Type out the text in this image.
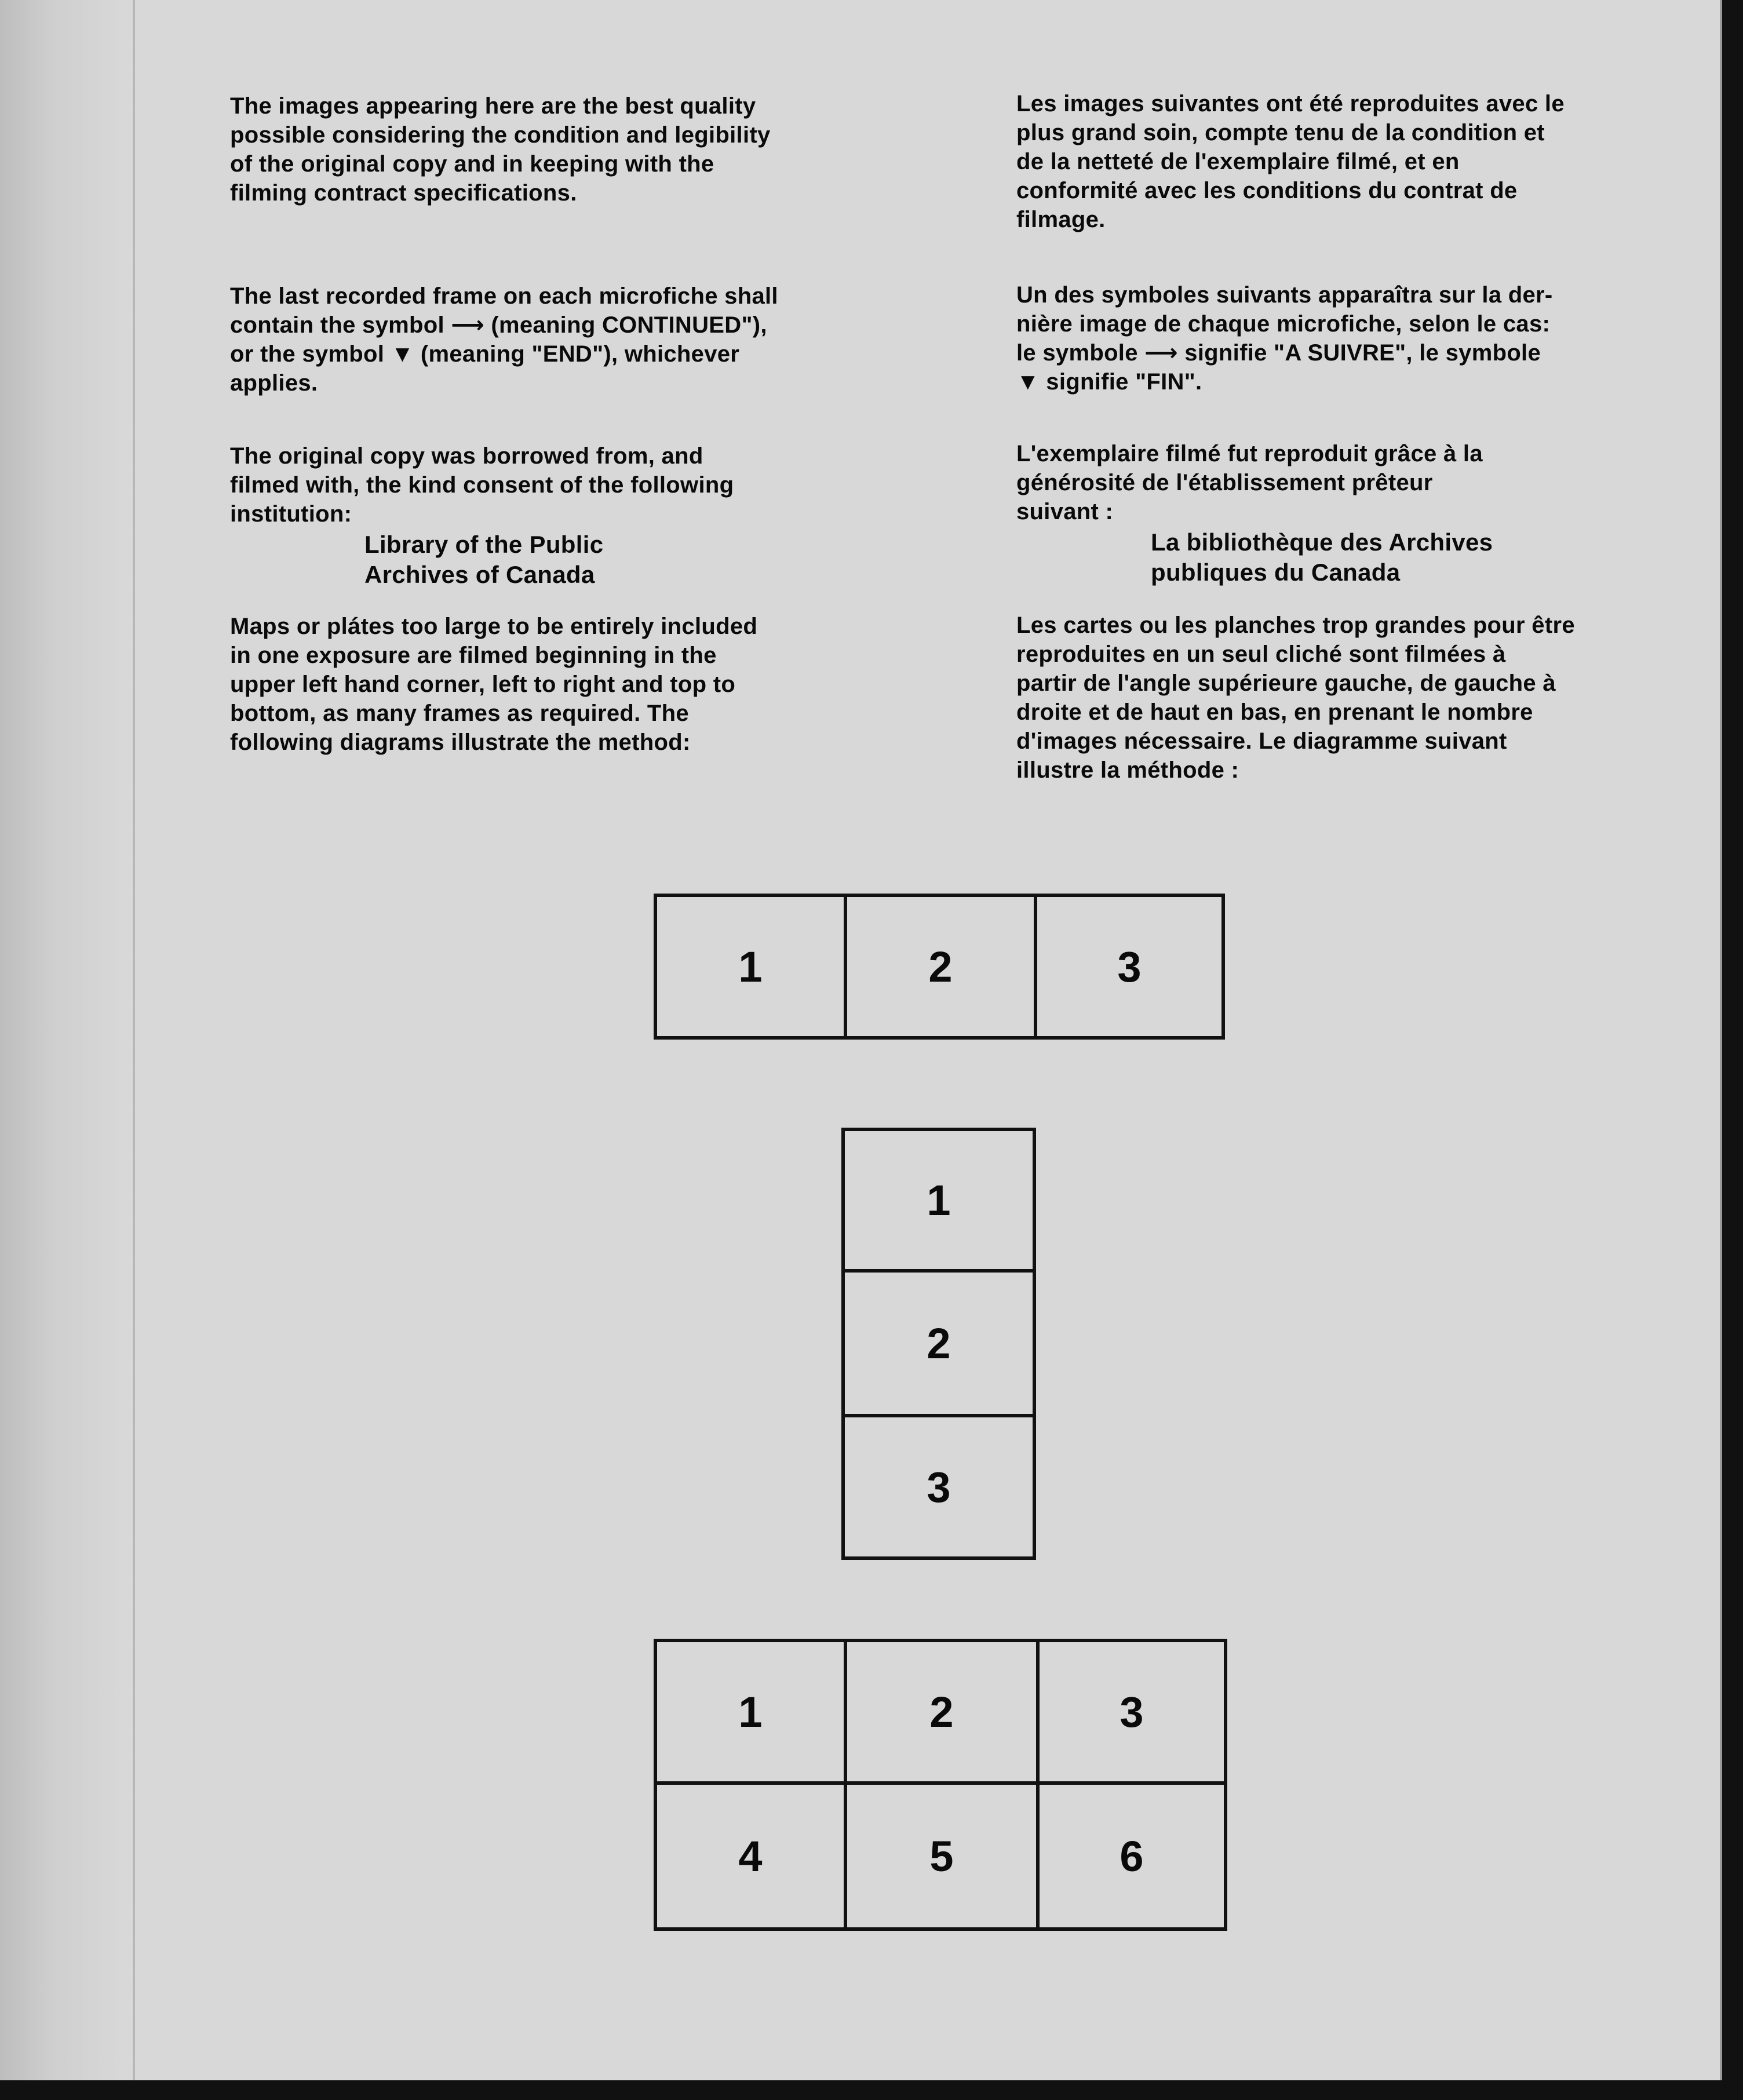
The images appearing here are the best quality
possible considering the condition and legibility
of the original copy and in keeping with the
filming contract specifications.

The last recorded frame on each microfiche shall
contain the symbol ⟶ (meaning CONTINUED"),
or the symbol ▼ (meaning "END"), whichever
applies.

The original copy was borrowed from, and
filmed with, the kind consent of the following
institution:

Library of the Public

Archives of Canada

Maps or plátes too large to be entirely included
in one exposure are filmed beginning in the
upper left hand corner, left to right and top to
bottom, as many frames as required. The
following diagrams illustrate the method:

Les images suivantes ont été reproduites avec le
plus grand soin, compte tenu de la condition et
de la netteté de l'exemplaire filmé, et en
conformité avec les conditions du contrat de
filmage.

Un des symboles suivants apparaîtra sur la der-
nière image de chaque microfiche, selon le cas:
le symbole ⟶ signifie "A SUIVRE", le symbole
▼ signifie "FIN".

L'exemplaire filmé fut reproduit grâce à la
générosité de l'établissement prêteur
suivant :

La bibliothèque des Archives

publiques du Canada

Les cartes ou les planches trop grandes pour être
reproduites en un seul cliché sont filmées à
partir de l'angle supérieure gauche, de gauche à
droite et de haut en bas, en prenant le nombre
d'images nécessaire. Le diagramme suivant
illustre la méthode :

1	2	3
1
2
3
1	2	3
4	5	6
